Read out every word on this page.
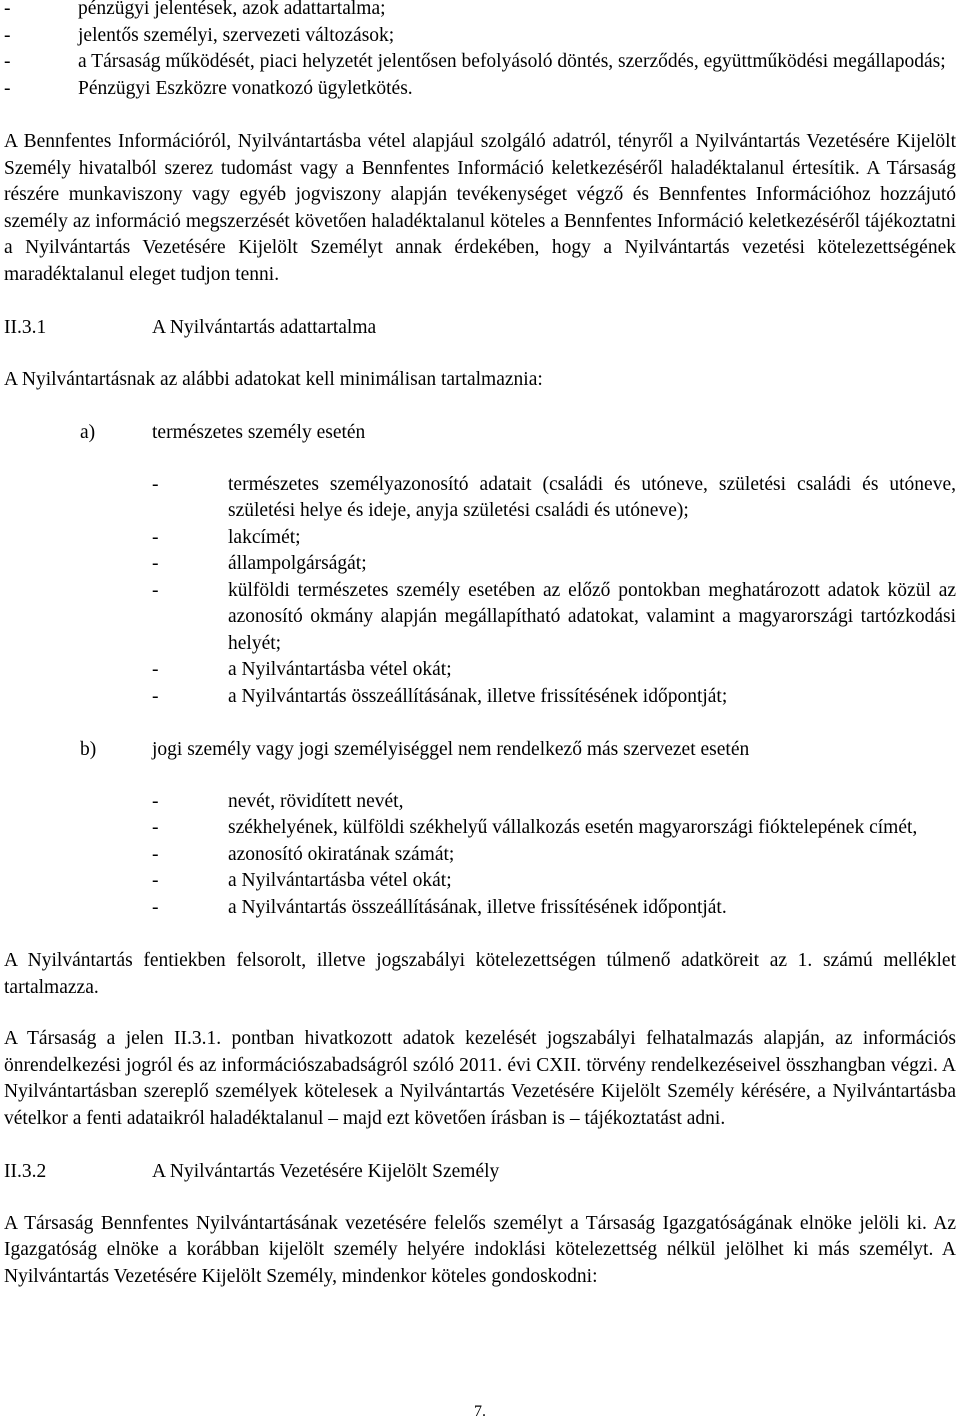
-	pénzügyi jelentések, azok adattartalma;
-	jelentős személyi, szervezeti változások;
-	a Társaság működését, piaci helyzetét jelentősen befolyásoló döntés, szerződés, együttműködési megállapodás;
-	Pénzügyi Eszközre vonatkozó ügyletkötés.

A Bennfentes Információról, Nyilvántartásba vétel alapjául szolgáló adatról, tényről a Nyilvántartás Vezetésére Kijelölt Személy hivatalból szerez tudomást vagy a Bennfentes Információ keletkezéséről haladéktalanul értesítik. A Társaság részére munkaviszony vagy egyéb jogviszony alapján tevékenységet végző és Bennfentes Információhoz hozzájutó személy az információ megszerzését követően haladéktalanul köteles a Bennfentes Információ keletkezéséről tájékoztatni a Nyilvántartás Vezetésére Kijelölt Személyt annak érdekében, hogy a Nyilvántartás vezetési kötelezettségének maradéktalanul eleget tudjon tenni.

II.3.1	A Nyilvántartás adattartalma

A Nyilvántartásnak az alábbi adatokat kell minimálisan tartalmaznia:

a)	természetes személy esetén
-	természetes személyazonosító adatait (családi és utóneve, születési családi és utóneve, születési helye és ideje, anyja születési családi és utóneve);
-	lakcímét;
-	állampolgárságát;
-	külföldi természetes személy esetében az előző pontokban meghatározott adatok közül az azonosító okmány alapján megállapítható adatokat, valamint a magyarországi tartózkodási helyét;
-	a Nyilvántartásba vétel okát;
-	a Nyilvántartás összeállításának, illetve frissítésének időpontját;
b)	jogi személy vagy jogi személyiséggel nem rendelkező más szervezet esetén
-	nevét, rövidített nevét,
-	székhelyének, külföldi székhelyű vállalkozás esetén magyarországi fióktelepének címét,
-	azonosító okiratának számát;
-	a Nyilvántartásba vétel okát;
-	a Nyilvántartás összeállításának, illetve frissítésének időpontját.

A Nyilvántartás fentiekben felsorolt, illetve jogszabályi kötelezettségen túlmenő adatköreit az 1. számú melléklet tartalmazza.

A Társaság a jelen II.3.1. pontban hivatkozott adatok kezelését jogszabályi felhatalmazás alapján, az információs önrendelkezési jogról és az információszabadságról szóló 2011. évi CXII. törvény rendelkezéseivel összhangban végzi. A Nyilvántartásban szereplő személyek kötelesek a Nyilvántartás Vezetésére Kijelölt Személy kérésére, a Nyilvántartásba vételkor a fenti adataikról haladéktalanul – majd ezt követően írásban is – tájékoztatást adni.

II.3.2	A Nyilvántartás Vezetésére Kijelölt Személy

A Társaság Bennfentes Nyilvántartásának vezetésére felelős személyt a Társaság Igazgatóságának elnöke jelöli ki. Az Igazgatóság elnöke a korábban kijelölt személy helyére indoklási kötelezettség nélkül jelölhet ki más személyt. A Nyilvántartás Vezetésére Kijelölt Személy, mindenkor köteles gondoskodni:

7.
